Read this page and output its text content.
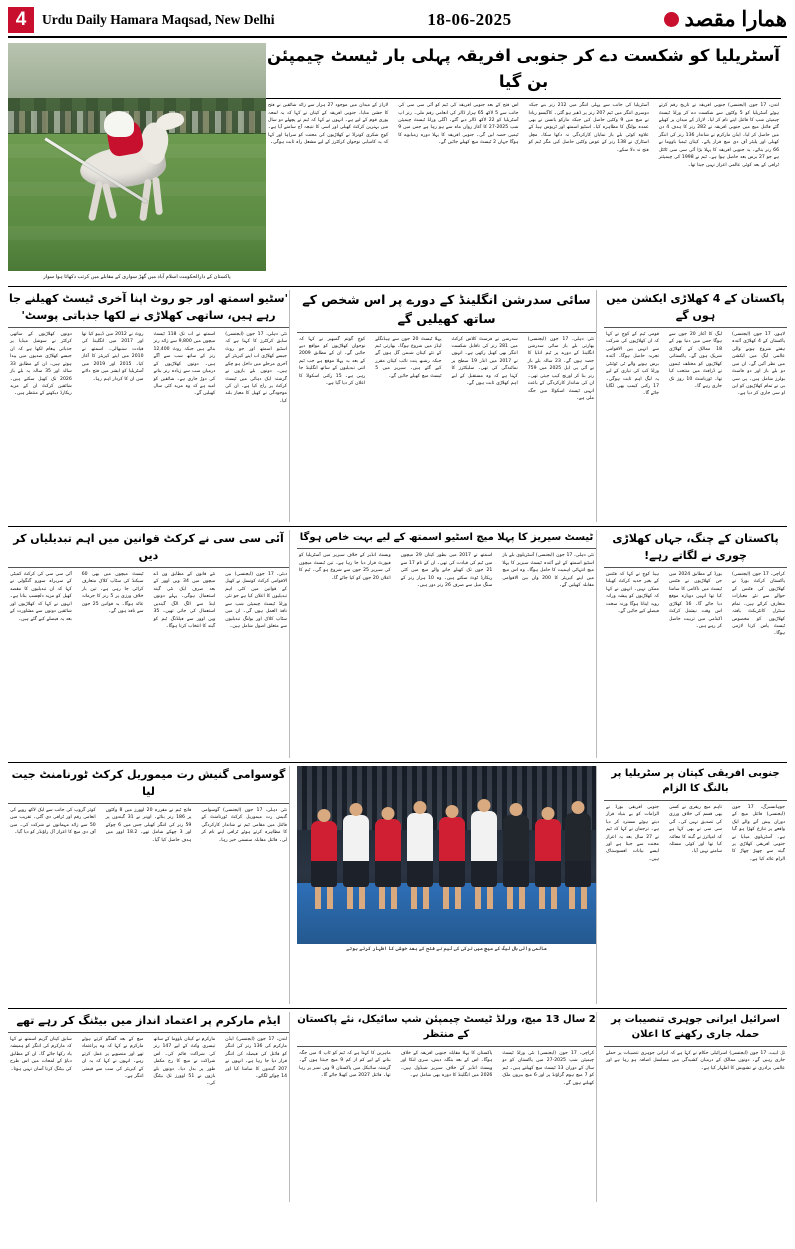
4	Urdu Daily Hamara Maqsad, New Delhi	18-06-2025	همارا مقصد
پاکستان کے دارالحکومت اسلام آباد میں گھڑ سواری کے مقابلے میں کرتب دکھاتا ہوا سوار
آسٹریلیا کو شکست دے کر جنوبی افریقہ پہلی بار ٹیسٹ چیمپئن بن گیا
لارڈز کے میدان میں موجود 27 ہزار سے زائد شائقین نے فتح کا جشن منایا۔ جنوبی افریقہ کے کپتان نے کہا کہ یہ لمحہ پوری قوم کے لیے ہے۔ انہوں نے کہا کہ ٹیم نے پچھلے دو سال میں بہترین کرکٹ کھیلی اور اسی کا نتیجہ آج سامنے آیا ہے۔ کوچ شکری کونراڈ نے کھلاڑیوں کی محنت کو سراہا اور کہا کہ یہ کامیابی نوجوان کرکٹرز کے لیے مشعل راہ ثابت ہوگی۔
اس فتح کے بعد جنوبی افریقہ کی ٹیم کو آئی سی سی کی جانب سے 5 لاکھ 65 ہزار ڈالر کی انعامی رقم ملی۔ رنر اپ آسٹریلیا کو 22 لاکھ ڈالر دیے گئے۔ اگلی ورلڈ ٹیسٹ چیمپئن شپ 2025-27 کا آغاز رواں ماہ سے ہو رہا ہے جس میں 9 ٹیمیں حصہ لیں گی۔ جنوبی افریقہ کا پہلا دورہ زمبابوے کا ہوگا جہاں 2 ٹیسٹ میچ کھیلے جائیں گے۔
آسٹریلیا کی جانب سے پہلی اننگز میں 212 رنز بنے جبکہ دوسری اننگز میں ٹیم 207 رنز پر ڈھیر ہو گئی۔ کاگیسو ربادا نے میچ میں 9 وکٹیں حاصل کیں جبکہ مارکو یانسن نے بھی عمدہ بولنگ کا مظاہرہ کیا۔ اسٹیو اسمتھ اور ٹریوس ہیڈ کے علاوہ کوئی بلے باز نمایاں کارکردگی نہ دکھا سکا۔ مچل اسٹارک نے 138 رنز کے عوض وکٹیں حاصل کیں مگر ٹیم کو فتح نہ دلا سکے۔
لندن، 17 جون (ایجنسی) جنوبی افریقہ نے تاریخ رقم کرتے ہوئے آسٹریلیا کو 5 وکٹوں سے شکست دے کر ورلڈ ٹیسٹ چیمپئن شپ کا فائنل اپنے نام کر لیا۔ لارڈز کے میدان پر کھیلے گئے فائنل میچ میں جنوبی افریقہ نے 282 رنز کا ہدف 4 دن میں حاصل کر لیا۔ ایڈن مارکرم نے شاندار 136 رنز کی اننگز کھیلی اور پلیئر آف دی میچ قرار پائے۔ کپتان ٹیمبا باووما نے 66 رنز بنائے۔ یہ جنوبی افریقہ کا پہلا بڑا آئی سی سی ٹائٹل ہے جو 27 برس بعد حاصل ہوا ہے۔ ٹیم نے 1998 کی چیمپئنز ٹرافی کے بعد کوئی عالمی اعزاز نہیں جیتا تھا۔
'سٹیو اسمتھ اور جو روٹ اپنا آخری ٹیسٹ کھیلنے جا رہے ہیں، ساتھی کھلاڑی نے لکھا جذباتی پوسٹ'
دونوں کھلاڑیوں کے ساتھی کرکٹر نے سوشل میڈیا پر جذباتی پیغام لکھا ہے کہ ان جیسے کھلاڑی صدیوں میں پیدا ہوتے ہیں۔ ان کے مطابق 33 سالہ اور 35 سالہ یہ بلے باز 2026 تک کھیل سکتے ہیں۔ شائقین کرکٹ ان کے مزید ریکارڈ دیکھنے کے منتظر ہیں۔
روٹ نے 2012 میں ڈیبیو کیا تھا اور 2017 میں انگلینڈ کی قیادت سنبھالی۔ اسمتھ نے 2010 میں اپنے کیریئر کا آغاز کیا۔ 2015 اور 2019 میں آسٹریلیا کو ایشز میں فتح دلانے میں ان کا کردار اہم رہا۔
اسمتھ نے اب تک 118 ٹیسٹ میچوں میں 9,800 سے زائد رنز بنائے ہیں جبکہ روٹ 12,400 رنز کے ساتھ سب سے آگے ہیں۔ دونوں کھلاڑیوں کے درمیان سب سے زیادہ رنز بنانے کی دوڑ جاری ہے۔ شائقین کو امید ہے کہ وہ مزید کئی سال کھیلیں گے۔
نئی دہلی، 17 جون (ایجنسی) سابق کرکٹرز کا کہنا ہے کہ اسٹیو اسمتھ اور جو روٹ جیسے کھلاڑی اب اپنے کیریئر کے آخری مرحلے میں داخل ہو چکے ہیں۔ دونوں بلے بازوں نے گزشتہ ایک دہائی میں ٹیسٹ کرکٹ پر راج کیا ہے۔ ان کی موجودگی نے کھیل کا معیار بلند کیا۔
سائی سدرشن انگلینڈ کے دورے پر اس شخص کے ساتھ کھیلیں گے
کوچ گوتم گمبھیر نے کہا کہ نوجوان کھلاڑیوں کو مواقع دیے جائیں گے۔ ان کے مطابق 2009 کے بعد یہ پہلا موقع ہے جب ٹیم اتنی تبدیلیوں کے ساتھ انگلینڈ جا رہی ہے۔ 15 رکنی اسکواڈ کا اعلان کر دیا گیا ہے۔
پہلا ٹیسٹ 20 جون سے ہیڈنگلے لیڈز میں شروع ہوگا۔ بھارتی ٹیم کے نئے کپتان شبمن گل ہوں گے جبکہ رشبھ پنت نائب کپتان مقرر کیے گئے ہیں۔ سیریز میں 5 ٹیسٹ میچ کھیلے جائیں گے۔
سدرشن نے فرسٹ کلاس کرکٹ میں 281 رنز کی ناقابل شکست اننگز بھی کھیل رکھی ہے۔ انہوں نے 2017 میں انڈر 19 سطح پر نمائندگی کی تھی۔ سلیکٹرز کا کہنا ہے کہ وہ مستقبل کے لیے اہم کھلاڑی ثابت ہوں گے۔
نئی دہلی، 17 جون (ایجنسی) بھارتی بلے باز سائی سدرشن انگلینڈ کے دورے پر ٹیم انڈیا کا حصہ ہوں گے۔ 23 سالہ بلے باز نے آئی پی ایل 2025 میں 759 رنز بنا کر اورنج کیپ جیتی تھی۔ ان کی شاندار کارکردگی کے باعث انہیں ٹیسٹ اسکواڈ میں جگہ ملی ہے۔
پاکستان کے 4 کھلاڑی ایکشن میں ہوں گے
قومی ٹیم کے کوچ نے کہا کہ ان کھلاڑیوں کی شرکت سے انہیں بین الاقوامی تجربہ حاصل ہوگا۔ آئندہ برس ہونے والے ٹی ٹوئنٹی ورلڈ کپ کی تیاری کے لیے یہ لیگ اہم ثابت ہوگی۔ 17 رکنی کیمپ بھی لگایا جائے گا۔
لیگ کا آغاز 20 جون سے ہوگا جس میں دنیا بھر کے 18 ممالک کے کھلاڑی شریک ہوں گے۔ پاکستانی کھلاڑیوں کو مختلف ٹیموں نے ڈرافٹ میں منتخب کیا تھا۔ ٹورنامنٹ 10 روز تک جاری رہے گا۔
لاہور، 17 جون (ایجنسی) پاکستان کے 4 کھلاڑی آئندہ ہفتے شروع ہونے والی عالمی لیگ میں ایکشن میں نظر آئیں گے۔ ان میں دو بلے باز اور دو فاسٹ بولرز شامل ہیں۔ پی سی بی نے تمام کھلاڑیوں کو این او سی جاری کر دیا ہے۔
آئی سی سی نے کرکٹ قوانین میں اہم تبدیلیاں کر دیں
آئی سی سی کی کرکٹ کمیٹی کے سربراہ سورو گنگولی نے کہا کہ ان تبدیلیوں کا مقصد کھیل کو مزید دلچسپ بنانا ہے۔ انہوں نے کہا کہ کھلاڑیوں اور شائقین دونوں سے مشاورت کے بعد یہ فیصلے کیے گئے ہیں۔
ٹیسٹ میچوں میں بھی 60 سیکنڈ کی سٹاپ کلاک متعارف کرائی جا رہی ہے۔ تین بار خلاف ورزی پر 5 رنز کا جرمانہ عائد ہوگا۔ یہ قوانین 25 جون سے نافذ ہوں گے۔
نئے قانون کے مطابق ون ڈے میچوں میں 34 ویں اوور کے بعد صرف ایک نئی گیند استعمال ہوگی۔ پہلے دونوں اینڈ سے الگ الگ گیندیں استعمال کی جاتی تھیں۔ 35 ویں اوور سے فیلڈنگ ٹیم کو گیند کا انتخاب کرنا ہوگا۔
دبئی، 17 جون (ایجنسی) بین الاقوامی کرکٹ کونسل نے کھیل کے قوانین میں کئی اہم تبدیلیوں کا اعلان کیا ہے جو نئی ورلڈ ٹیسٹ چیمپئن شپ سے نافذ العمل ہوں گی۔ ان میں سٹاپ کلاک اور بولنگ تبدیلیوں سے متعلق اصول شامل ہیں۔
ٹیسٹ سیریز کا پہلا میچ اسٹیو اسمتھ کے لیے بہت خاص ہوگا
ویسٹ انڈیز کے خلاف سیریز میں آسٹریلیا کو فیورٹ قرار دیا جا رہا ہے۔ تین ٹیسٹ میچوں کی سیریز 25 جون سے شروع ہو گی۔ ٹیم کا اعلان 20 جون کو کیا جائے گا۔
اسمتھ نے 2017 میں بطور کپتان 29 میچوں میں ٹیم کی قیادت کی تھی۔ ان کے نام 17 سے 21 جون تک کھیلے جانے والے میچ میں کئی ریکارڈ ٹوٹ سکتے ہیں۔ وہ 10 ہزار رنز کے سنگ میل سے صرف 26 رنز دور ہیں۔
نئی دہلی، 17 جون (ایجنسی) آسٹریلوی بلے باز اسٹیو اسمتھ کے لیے آئندہ ٹیسٹ سیریز کا پہلا میچ انتہائی اہمیت کا حامل ہوگا۔ وہ اس میچ میں اپنے کیریئر کا 200 واں بین الاقوامی مقابلہ کھیلیں گے۔
پاکستان کے چنگ، جہاں کھلاڑی چوری نے لگاتے رہے!
ہیڈ کوچ نے کہا کہ فٹنس کے بغیر جدید کرکٹ کھیلنا ممکن نہیں۔ انہوں نے کہا کہ کھلاڑیوں کو پیشہ ورانہ رویہ اپنانا ہوگا ورنہ سخت فیصلے کیے جائیں گے۔
بورڈ کے مطابق 2024 میں جن کھلاڑیوں نے فٹنس ٹیسٹ میں ناکامی کا سامنا کیا تھا انہیں دوبارہ موقع دیا جائے گا۔ 16 کھلاڑی اس وقت نیشنل کرکٹ اکیڈمی میں تربیت حاصل کر رہے ہیں۔
کراچی، 17 جون (ایجنسی) پاکستان کرکٹ بورڈ نے کھلاڑیوں کی فٹنس کے حوالے سے نئے معیارات متعارف کرائے ہیں۔ تمام سنٹرل کانٹریکٹ یافتہ کھلاڑیوں کو مخصوص ٹیسٹ پاس کرنا لازمی ہوگا۔
گوسوامی گنیش رت میموریل کرکٹ ٹورنامنٹ جیت لیا
کوثر گروپ کی جانب سے ایک لاکھ روپے کی انعامی رقم اور ٹرافی دی گئی۔ تقریب میں 50 سے زائد مہمانوں نے شرکت کی۔ مین آف دی میچ کا اعزاز آل راؤنڈر کو دیا گیا۔
فاتح ٹیم نے مقررہ 20 اوورز میں 8 وکٹوں پر 186 رنز بنائے۔ اوپنر نے 31 گیندوں پر 59 رنز کی اننگز کھیلی جس میں 6 چوکے اور 3 چھکے شامل تھے۔ 18.2 اوور میں ہدف حاصل کیا گیا۔
نئی دہلی، 17 جون (ایجنسی) گوسوامی گنیش رت میموریل کرکٹ ٹورنامنٹ کے فائنل میں مقامی ٹیم نے شاندار کارکردگی کا مظاہرہ کرتے ہوئے ٹرافی اپنے نام کر لی۔ فائنل مقابلہ سنسنی خیز رہا۔
عالمی والی بال لیگ کے میچ میں ترکی کی ٹیم نے فتح کے بعد خوشی کا اظہار کرتے ہوئے
جنوبی افریقی کپتان پر سٹریلیا پر بالنگ کا الزام
جنوبی افریقی بورڈ نے الزامات کو بے بنیاد قرار دیتے ہوئے مسترد کر دیا ہے۔ ترجمان نے کہا کہ ٹیم نے 27 سال بعد یہ اعزاز محنت سے جیتا ہے اور ایسے بیانات افسوسناک ہیں۔
تاہم میچ ریفری نے کسی بھی قسم کی خلاف ورزی کی تصدیق نہیں کی۔ آئی سی سی نے بھی کہا ہے کہ امپائرز نے گیند کا معائنہ کیا تھا اور کوئی مسئلہ سامنے نہیں آیا۔
جوہانسبرگ، 17 جون (ایجنسی) فائنل میچ کے دوران پیش آنے والے ایک واقعے پر تنازع کھڑا ہو گیا ہے۔ آسٹریلوی میڈیا نے جنوبی افریقی کھلاڑی پر گیند سے چھیڑ چھاڑ کا الزام عائد کیا ہے۔
ایڈم مارکرم پر اعتماد انداز میں بیٹنگ کر رہے تھے
سابق کپتان گریم اسمتھ نے کہا کہ مارکرم کی اننگز کو ہمیشہ یاد رکھا جائے گا۔ ان کے مطابق دباؤ کے لمحات میں اس طرح کی بیٹنگ کرنا آسان نہیں ہوتا۔
میچ کے بعد گفتگو کرتے ہوئے مارکرم نے کہا کہ وہ پراعتماد تھے اور منصوبے پر عمل کرتے رہے۔ انہوں نے کہا کہ یہ ان کے کیریئر کی سب سے قیمتی اننگز ہے۔
مارکرم نے کپتان باووما کے ساتھ تیسری وکٹ کے لیے 147 رنز کی شراکت قائم کی۔ اس شراکت نے میچ کا رخ مکمل طور پر بدل دیا۔ دونوں بلے بازوں نے 51 اوورز تک بیٹنگ کی۔
لندن، 17 جون (ایجنسی) ایڈن مارکرم کی 136 رنز کی اننگز کو فائنل کی فیصلہ کن اننگز قرار دیا جا رہا ہے۔ انہوں نے 207 گیندوں کا سامنا کیا اور 14 چوکے لگائے۔
2 سال 13 میچ، ورلڈ ٹیسٹ چیمپئن شپ سائیکل، نئے پاکستان کے منتظر
ماہرین کا کہنا ہے کہ ٹیم کو ٹاپ 4 میں جگہ بنانے کے لیے کم از کم 9 میچ جیتنا ہوں گے۔ گزشتہ سائیکل میں پاکستان 9 ویں نمبر پر رہا تھا۔ فائنل 2027 میں کھیلا جائے گا۔
پاکستان کا پہلا مقابلہ جنوبی افریقہ کے خلاف ہوگا۔ اس کے بعد بنگلہ دیش، سری لنکا اور ویسٹ انڈیز کے خلاف سیریز شیڈول ہیں۔ 2026 میں انگلینڈ کا دورہ بھی شامل ہے۔
کراچی، 17 جون (ایجنسی) نئی ورلڈ ٹیسٹ چیمپئن شپ 2025-27 میں پاکستان کو دو سال کے دوران 13 ٹیسٹ میچ کھیلنے ہیں۔ ٹیم کو 7 میچ ہوم گراؤنڈ پر اور 6 میچ بیرون ملک کھیلنے ہوں گے۔
اسرائیل ایرانی جوہری تنصیبات پر حملہ جاری رکھنے کا اعلان
تل ابیب، 17 جون (ایجنسی) اسرائیلی حکام نے کہا ہے کہ ایرانی جوہری تنصیبات پر حملے جاری رہیں گے۔ دونوں ممالک کے درمیان کشیدگی میں مسلسل اضافہ ہو رہا ہے اور عالمی برادری نے تشویش کا اظہار کیا ہے۔
